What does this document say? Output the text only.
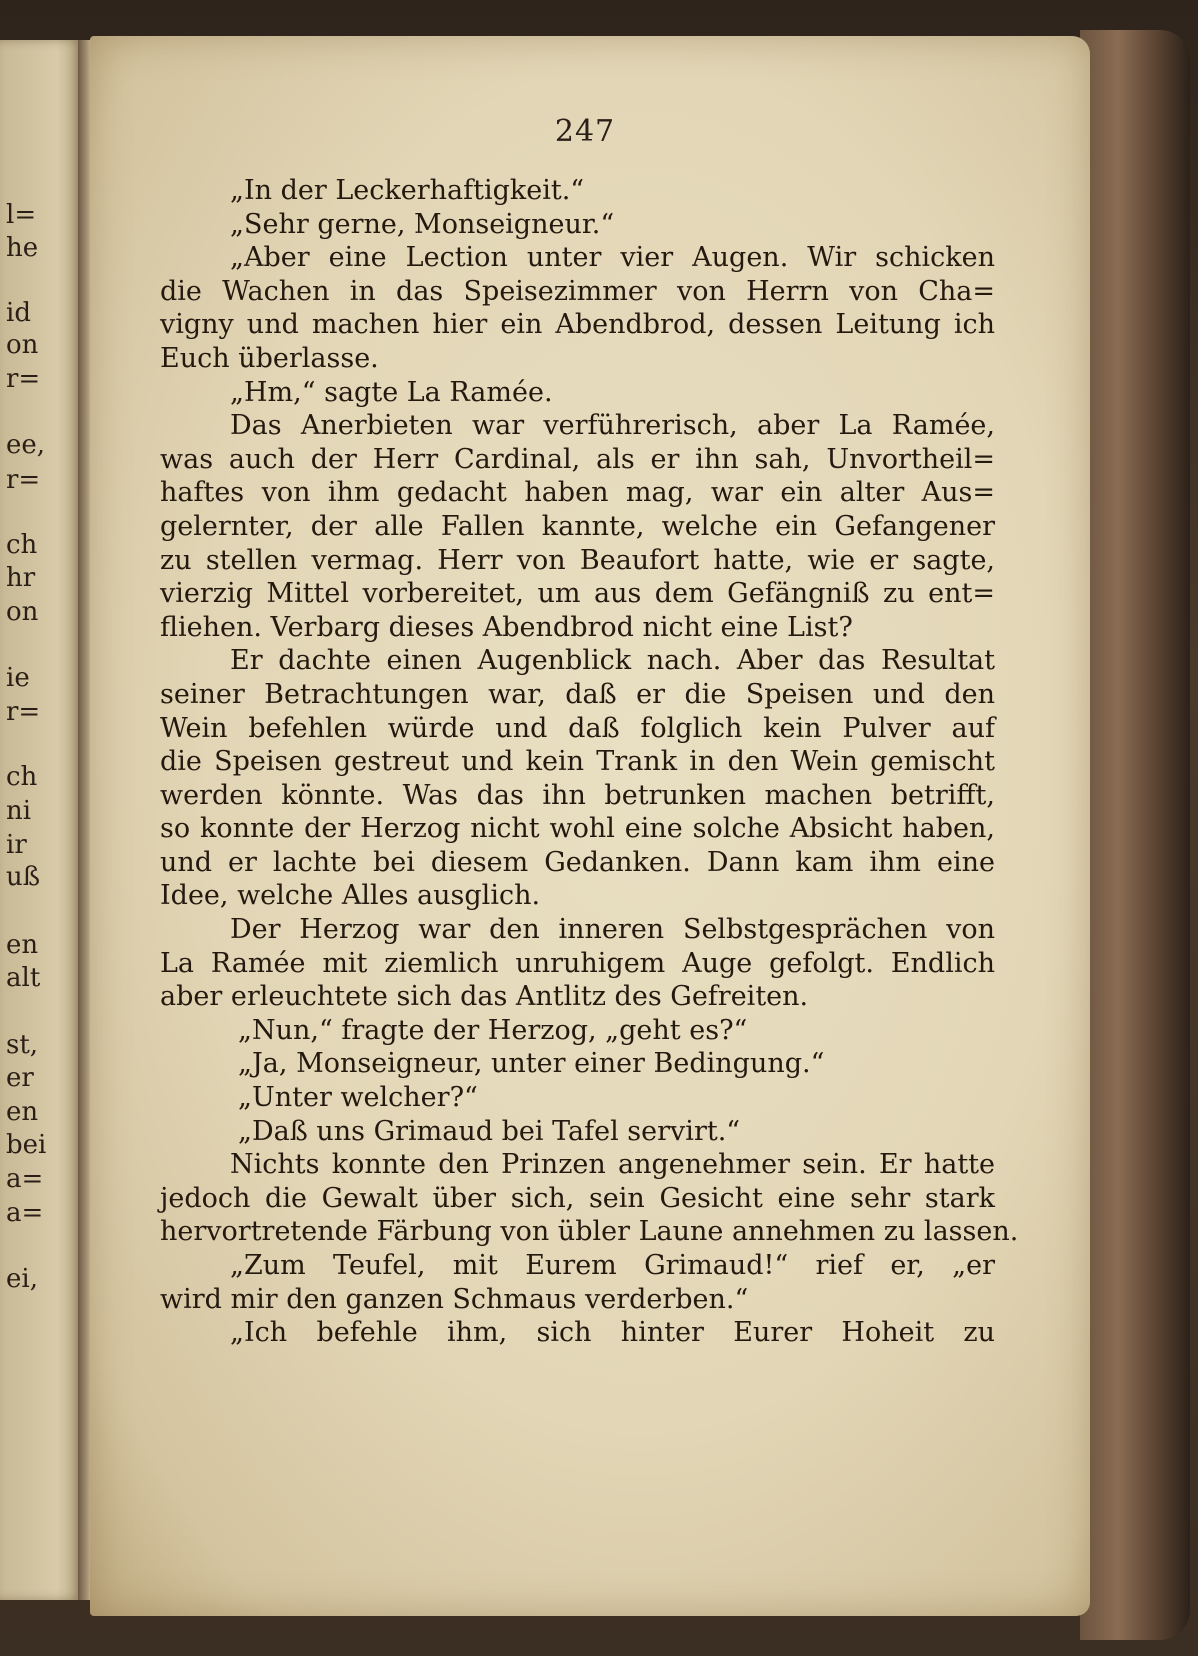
l=
he
id
on
r=
ee,
r=
ch
hr
on
ie
r=
ch
ni
ir
uß
en
alt
st,
er
en
bei
a=
a=
ei,
247
„In der Leckerhaftigkeit.“
„Sehr gerne, Monseigneur.“
„Aber eine Lection unter vier Augen. Wir schicken
die Wachen in das Speisezimmer von Herrn von Cha=
vigny und machen hier ein Abendbrod, dessen Leitung ich
Euch überlasse.
„Hm,“ sagte La Ramée.
Das Anerbieten war verführerisch, aber La Ramée,
was auch der Herr Cardinal, als er ihn sah, Unvortheil=
haftes von ihm gedacht haben mag, war ein alter Aus=
gelernter, der alle Fallen kannte, welche ein Gefangener
zu stellen vermag. Herr von Beaufort hatte, wie er sagte,
vierzig Mittel vorbereitet, um aus dem Gefängniß zu ent=
fliehen. Verbarg dieses Abendbrod nicht eine List?
Er dachte einen Augenblick nach. Aber das Resultat
seiner Betrachtungen war, daß er die Speisen und den
Wein befehlen würde und daß folglich kein Pulver auf
die Speisen gestreut und kein Trank in den Wein gemischt
werden könnte. Was das ihn betrunken machen betrifft,
so konnte der Herzog nicht wohl eine solche Absicht haben,
und er lachte bei diesem Gedanken. Dann kam ihm eine
Idee, welche Alles ausglich.
Der Herzog war den inneren Selbstgesprächen von
La Ramée mit ziemlich unruhigem Auge gefolgt. Endlich
aber erleuchtete sich das Antlitz des Gefreiten.
„Nun,“ fragte der Herzog, „geht es?“
„Ja, Monseigneur, unter einer Bedingung.“
„Unter welcher?“
„Daß uns Grimaud bei Tafel servirt.“
Nichts konnte den Prinzen angenehmer sein. Er hatte
jedoch die Gewalt über sich, sein Gesicht eine sehr stark
hervortretende Färbung von übler Laune annehmen zu lassen.
„Zum Teufel, mit Eurem Grimaud!“ rief er, „er
wird mir den ganzen Schmaus verderben.“
„Ich befehle ihm, sich hinter Eurer Hoheit zu
